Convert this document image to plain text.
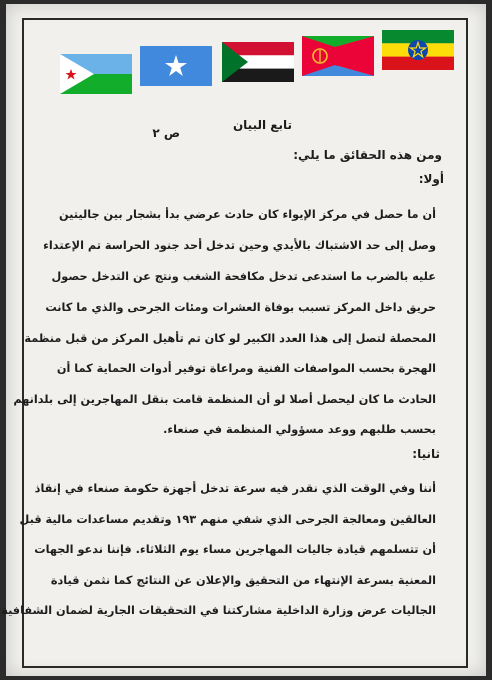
تابع البيان
ص ٢
ومن هذه الحقائق ما يلي:
أولا:
أن ما حصل في مركز الإيواء كان حادث عرضي بدأ بشجار بين جاليتين
وصل إلى حد الاشتباك بالأيدي وحين تدخل أحد جنود الحراسة تم الإعتداء
عليه بالضرب ما استدعى تدخل مكافحة الشغب ونتج عن التدخل حصول
حريق داخل المركز تسبب بوفاة العشرات ومئات الجرحى والذي ما كانت
المحصلة لتصل إلى هذا العدد الكبير لو كان تم تأهيل المركز من قبل منظمة
الهجرة بحسب المواصفات الفنية ومراعاة توفير أدوات الحماية كما أن
الحادث ما كان ليحصل أصلا لو أن المنظمة قامت بنقل المهاجرين إلى بلدانهم
بحسب طلبهم ووعد مسؤولي المنظمة في صنعاء.
ثانيا:
أننا وفي الوقت الذي نقدر فيه سرعة تدخل أجهزة حكومة صنعاء في إنقاذ
العالقين ومعالجة الجرحى الذي شفي منهم ١٩٣ وتقديم مساعدات مالية قبل
أن تتسلمهم قيادة جاليات المهاجرين مساء يوم الثلاثاء. فإننا ندعو الجهات
المعنية بسرعة الإنتهاء من التحقيق والإعلان عن النتائج كما نثمن قيادة
الجاليات عرض وزارة الداخلية مشاركتنا في التحقيقات الجارية لضمان الشفافية
